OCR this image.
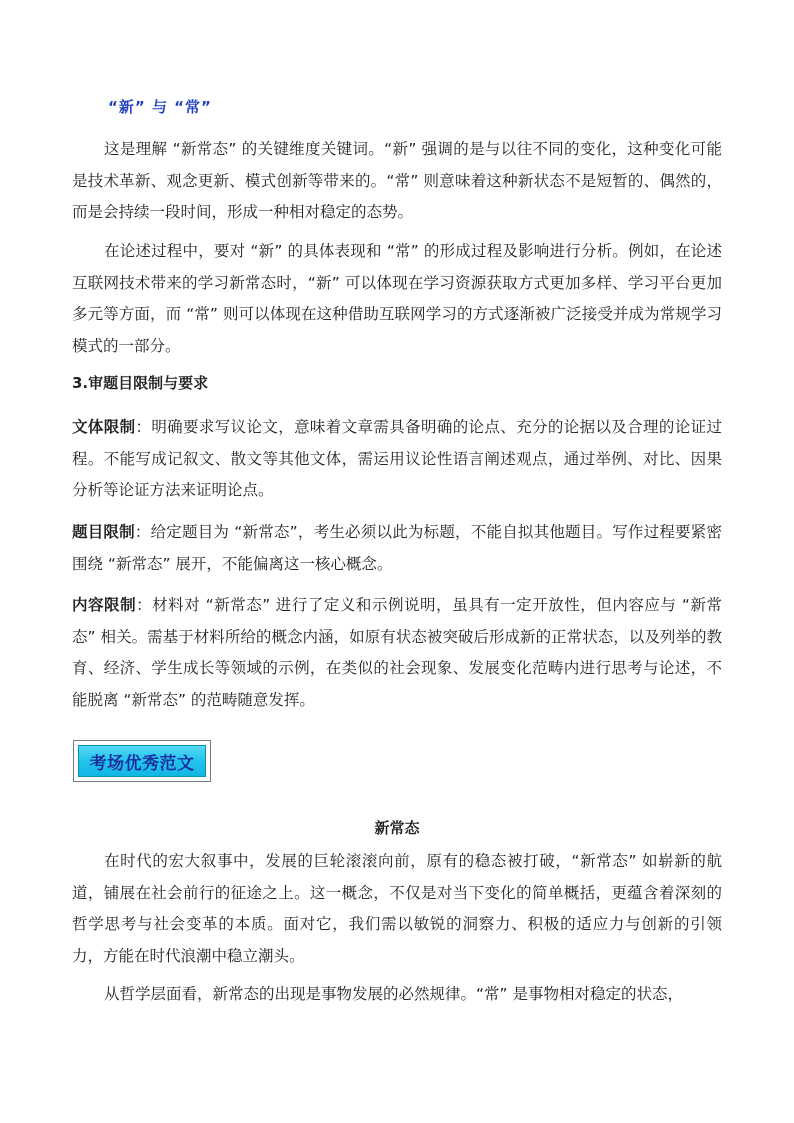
“新” 与 “常”

这是理解 “新常态” 的关键维度关键词。“新” 强调的是与以往不同的变化，这种变化可能是技术革新、观念更新、模式创新等带来的。“常” 则意味着这种新状态不是短暂的、偶然的，而是会持续一段时间，形成一种相对稳定的态势。

在论述过程中，要对 “新” 的具体表现和 “常” 的形成过程及影响进行分析。例如，在论述互联网技术带来的学习新常态时，“新” 可以体现在学习资源获取方式更加多样、学习平台更加多元等方面，而 “常” 则可以体现在这种借助互联网学习的方式逐渐被广泛接受并成为常规学习模式的一部分。

3.审题目限制与要求

文体限制：明确要求写议论文，意味着文章需具备明确的论点、充分的论据以及合理的论证过程。不能写成记叙文、散文等其他文体，需运用议论性语言阐述观点，通过举例、对比、因果分析等论证方法来证明论点。

题目限制：给定题目为 “新常态”，考生必须以此为标题，不能自拟其他题目。写作过程要紧密围绕 “新常态” 展开，不能偏离这一核心概念。

内容限制：材料对 “新常态” 进行了定义和示例说明，虽具有一定开放性，但内容应与 “新常态” 相关。需基于材料所给的概念内涵，如原有状态被突破后形成新的正常状态，以及列举的教育、经济、学生成长等领域的示例，在类似的社会现象、发展变化范畴内进行思考与论述，不能脱离 “新常态” 的范畴随意发挥。

考场优秀范文
新常态

在时代的宏大叙事中，发展的巨轮滚滚向前，原有的稳态被打破，“新常态” 如崭新的航道，铺展在社会前行的征途之上。这一概念，不仅是对当下变化的简单概括，更蕴含着深刻的哲学思考与社会变革的本质。面对它，我们需以敏锐的洞察力、积极的适应力与创新的引领力，方能在时代浪潮中稳立潮头。

从哲学层面看，新常态的出现是事物发展的必然规律。“常” 是事物相对稳定的状态，
